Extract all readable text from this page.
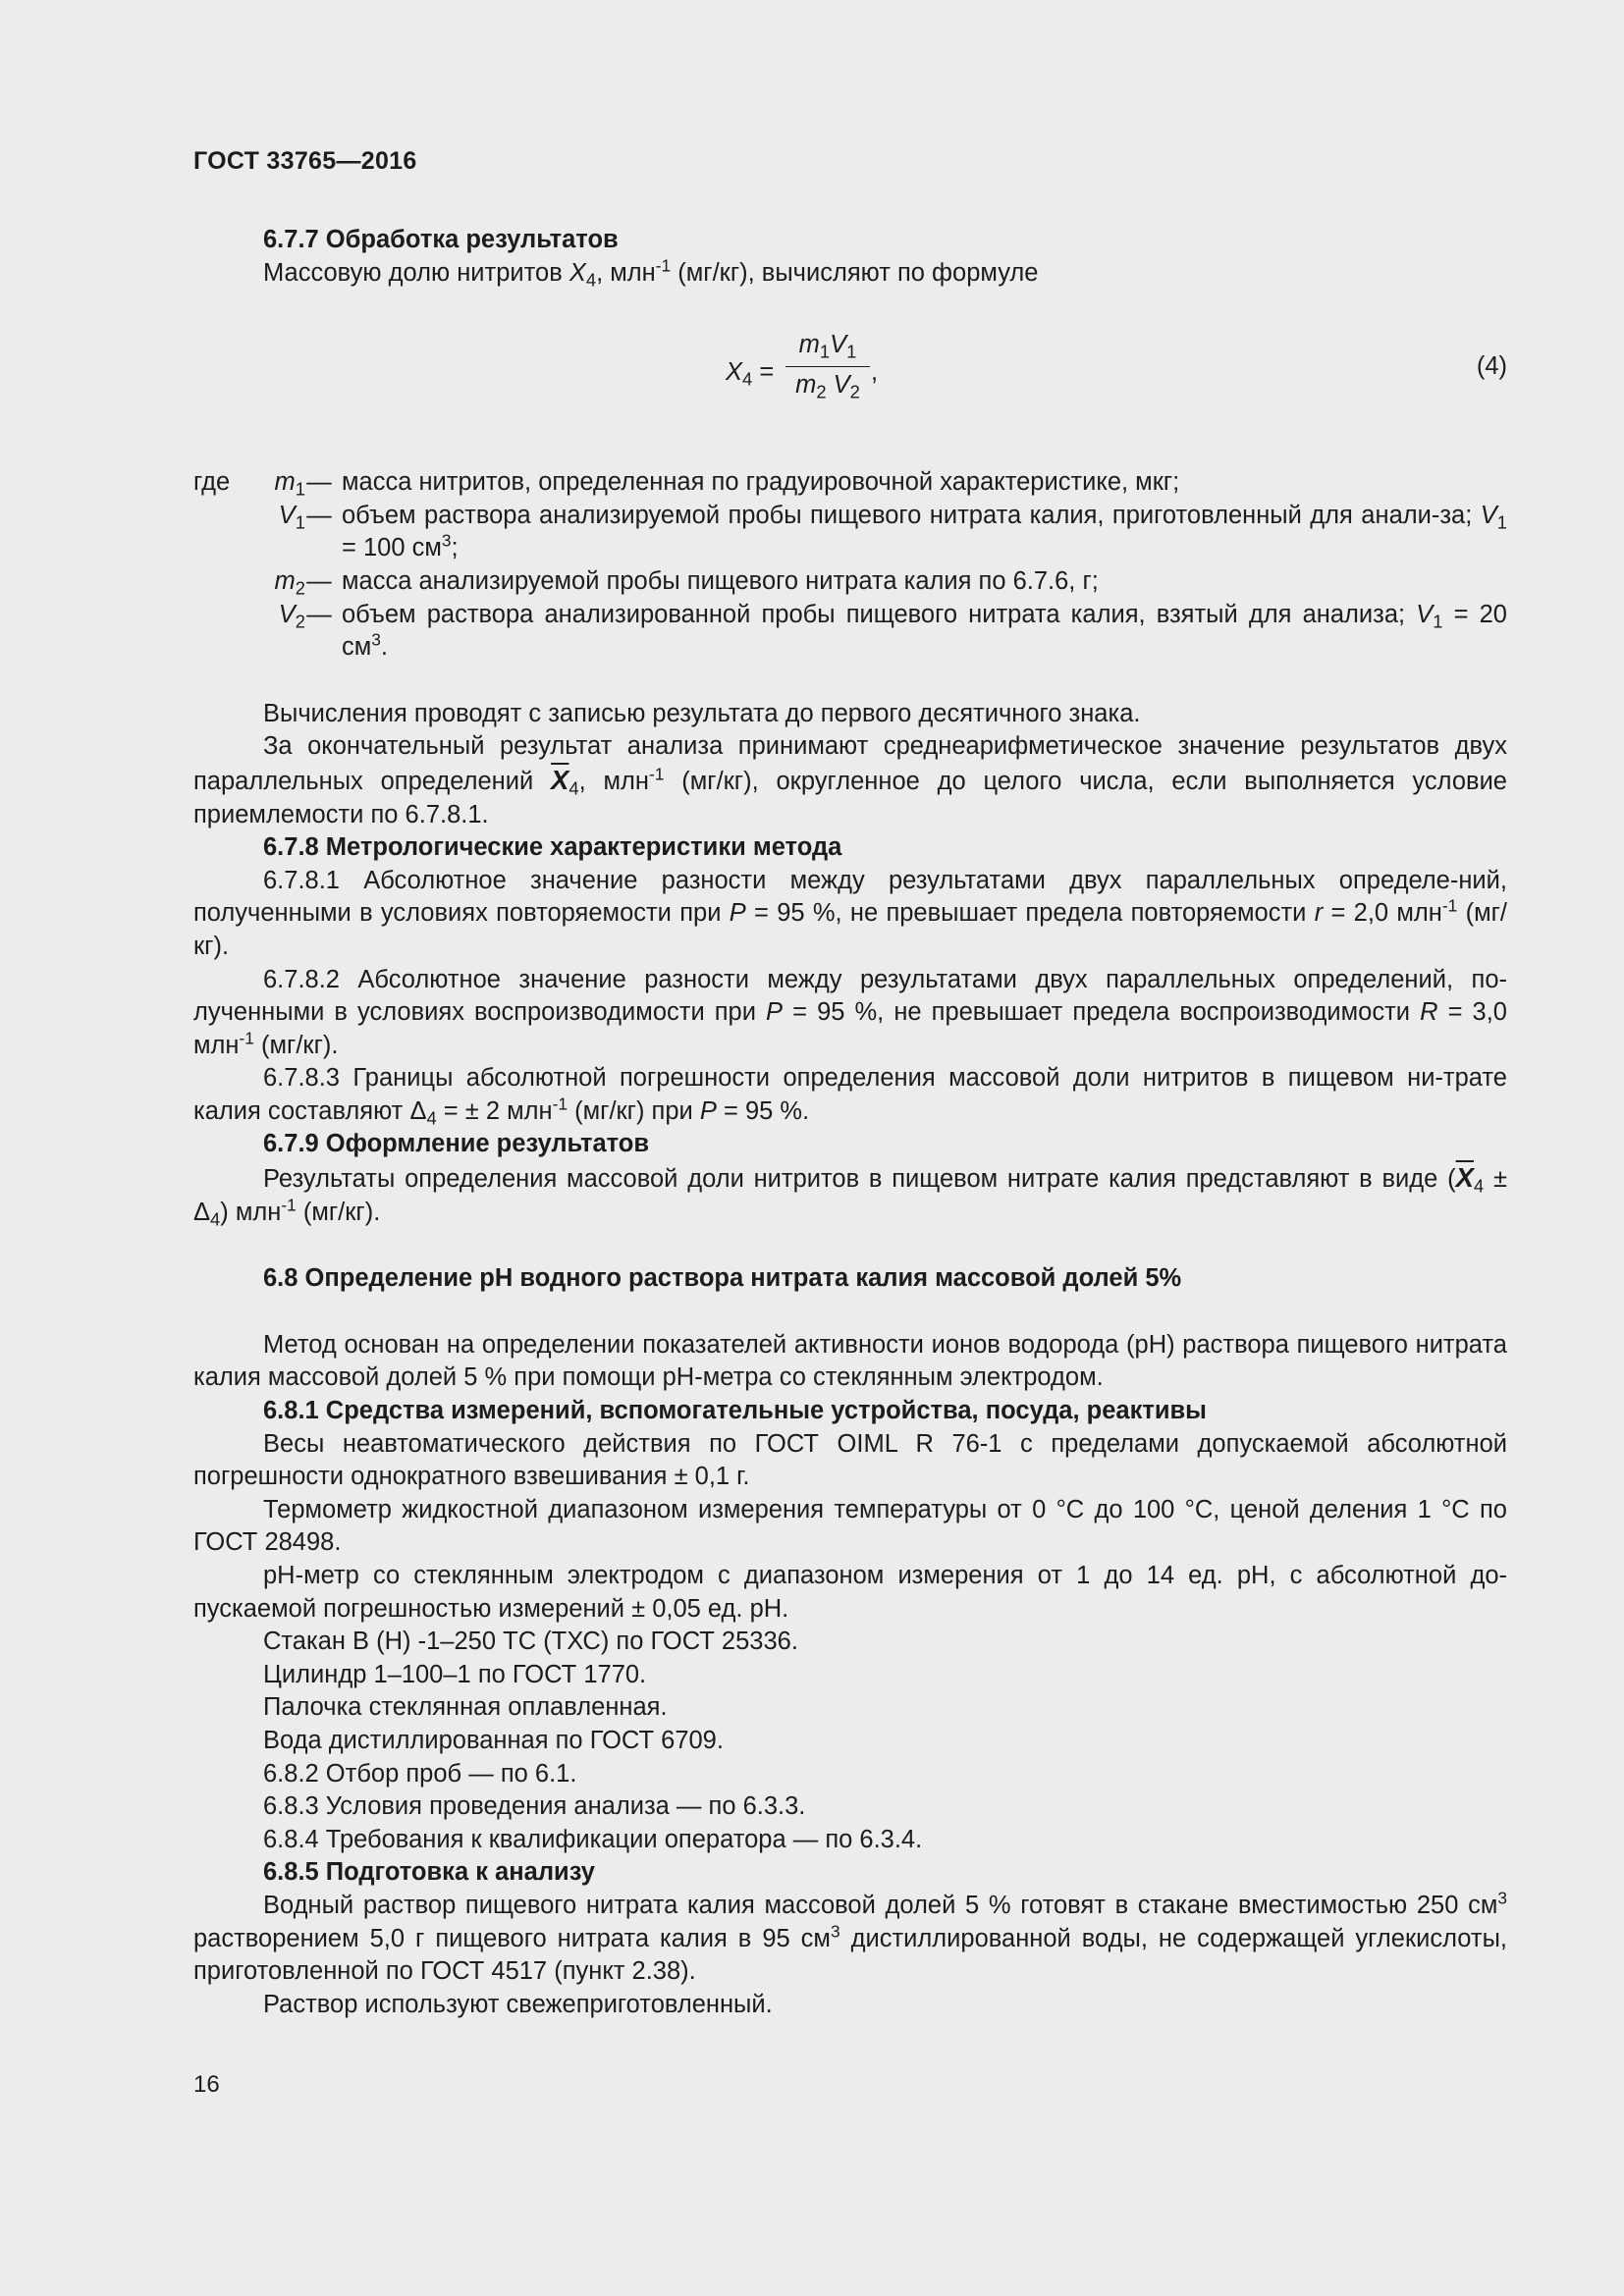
ГОСТ 33765—2016

6.7.7 Обработка результатов

Массовую долю нитритов $X_4$, млн$^{-1}$ (мг/кг), вычисляют по формуле

$X_4$ =
$m_1V_1$
$m_2$ $V_2$
,	(4)
где	$m_1$ — масса нитритов, определенная по градуировочной характеристике, мкг;
$V_1$ — объем раствора анализируемой пробы пищевого нитрата калия, приготовленный для анали-за; $V_1 = 100$ $см^3$;
$m_2$ — масса анализируемой пробы пищевого нитрата калия по 6.7.6, г;
$V_2$ — объем раствора анализированной пробы пищевого нитрата калия, взятый для анализа; $V_1 = 20$ $см^3$.

Вычисления проводят с записью результата до первого десятичного знака.

За окончательный результат анализа принимают среднеарифметическое значение результатов двух параллельных определений $\overline{X}_4$, млн$^{-1}$ (мг/кг), округленное до целого числа, если выполняется условие приемлемости по 6.7.8.1.

6.7.8 Метрологические характеристики метода

6.7.8.1 Абсолютное значение разности между результатами двух параллельных определе-ний, полученными в условиях повторяемости при P = 95 %, не превышает предела повторяемости r = 2,0 млн$^{-1}$ (мг/кг).

6.7.8.2 Абсолютное значение разности между результатами двух параллельных определений, по-лученными в условиях воспроизводимости при P = 95 %, не превышает предела воспроизводимости R = 3,0 млн$^{-1}$ (мг/кг).

6.7.8.3 Границы абсолютной погрешности определения массовой доли нитритов в пищевом ни-трате калия составляют $\Delta_4$ = ± 2 млн$^{-1}$ (мг/кг) при P = 95 %.

6.7.9 Оформление результатов

Результаты определения массовой доли нитритов в пищевом нитрате калия представляют в виде $(\overline{X}_4 \pm \Delta_4)$ млн$^{-1}$ (мг/кг).

6.8 Определение pH водного раствора нитрата калия массовой долей 5%

Метод основан на определении показателей активности ионов водорода (pH) раствора пищевого нитрата калия массовой долей 5 % при помощи pH-метра со стеклянным электродом.

6.8.1 Средства измерений, вспомогательные устройства, посуда, реактивы

Весы неавтоматического действия по ГОСТ OIML R 76-1 с пределами допускаемой абсолютной погрешности однократного взвешивания ± 0,1 г.

Термометр жидкостной диапазоном измерения температуры от 0 °С до 100 °С, ценой деления 1 °С по ГОСТ 28498.

pH-метр со стеклянным электродом с диапазоном измерения от 1 до 14 ед. pH, с абсолютной до-пускаемой погрешностью измерений ± 0,05 ед. pH.

Стакан В (Н) -1–250 ТС (ТХС) по ГОСТ 25336.

Цилиндр 1–100–1 по ГОСТ 1770.

Палочка стеклянная оплавленная.

Вода дистиллированная по ГОСТ 6709.

6.8.2 Отбор проб — по 6.1.

6.8.3 Условия проведения анализа — по 6.3.3.

6.8.4 Требования к квалификации оператора — по 6.3.4.

6.8.5 Подготовка к анализу

Водный раствор пищевого нитрата калия массовой долей 5 % готовят в стакане вместимостью 250 $см^3$ растворением 5,0 г пищевого нитрата калия в 95 $см^3$ дистиллированной воды, не содержащей углекислоты, приготовленной по ГОСТ 4517 (пункт 2.38).

Раствор используют свежеприготовленный.

16
